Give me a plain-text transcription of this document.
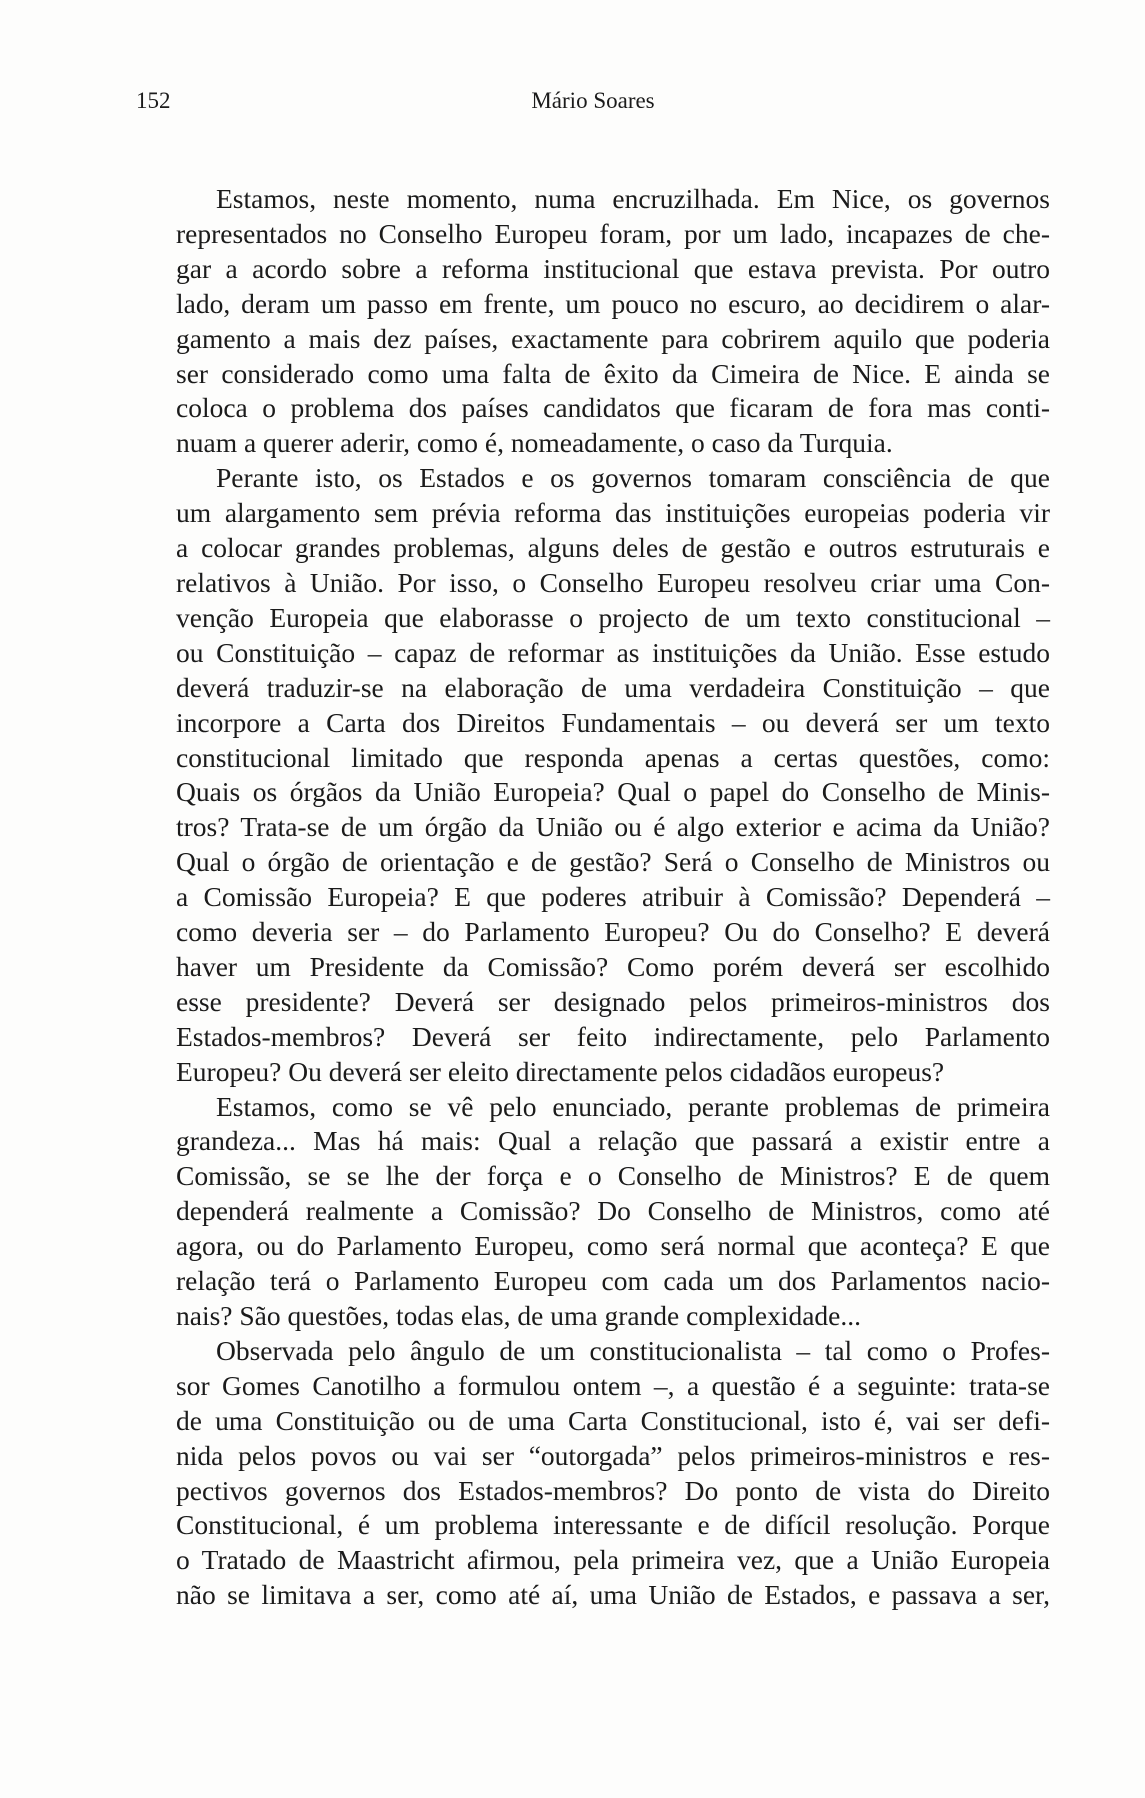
152	Mário Soares

Estamos, neste momento, numa encruzilhada. Em Nice, os governos
representados no Conselho Europeu foram, por um lado, incapazes de che-
gar a acordo sobre a reforma institucional que estava prevista. Por outro
lado, deram um passo em frente, um pouco no escuro, ao decidirem o alar-
gamento a mais dez países, exactamente para cobrirem aquilo que poderia
ser considerado como uma falta de êxito da Cimeira de Nice. E ainda se
coloca o problema dos países candidatos que ficaram de fora mas conti-
nuam a querer aderir, como é, nomeadamente, o caso da Turquia.

Perante isto, os Estados e os governos tomaram consciência de que
um alargamento sem prévia reforma das instituições europeias poderia vir
a colocar grandes problemas, alguns deles de gestão e outros estruturais e
relativos à União. Por isso, o Conselho Europeu resolveu criar uma Con-
venção Europeia que elaborasse o projecto de um texto constitucional –
ou Constituição – capaz de reformar as instituições da União. Esse estudo
deverá traduzir-se na elaboração de uma verdadeira Constituição – que
incorpore a Carta dos Direitos Fundamentais – ou deverá ser um texto
constitucional limitado que responda apenas a certas questões, como:
Quais os órgãos da União Europeia? Qual o papel do Conselho de Minis-
tros? Trata-se de um órgão da União ou é algo exterior e acima da União?
Qual o órgão de orientação e de gestão? Será o Conselho de Ministros ou
a Comissão Europeia? E que poderes atribuir à Comissão? Dependerá –
como deveria ser – do Parlamento Europeu? Ou do Conselho? E deverá
haver um Presidente da Comissão? Como porém deverá ser escolhido
esse presidente? Deverá ser designado pelos primeiros-ministros dos
Estados-membros? Deverá ser feito indirectamente, pelo Parlamento
Europeu? Ou deverá ser eleito directamente pelos cidadãos europeus?

Estamos, como se vê pelo enunciado, perante problemas de primeira
grandeza... Mas há mais: Qual a relação que passará a existir entre a
Comissão, se se lhe der força e o Conselho de Ministros? E de quem
dependerá realmente a Comissão? Do Conselho de Ministros, como até
agora, ou do Parlamento Europeu, como será normal que aconteça? E que
relação terá o Parlamento Europeu com cada um dos Parlamentos nacio-
nais? São questões, todas elas, de uma grande complexidade...

Observada pelo ângulo de um constitucionalista – tal como o Profes-
sor Gomes Canotilho a formulou ontem –, a questão é a seguinte: trata-se
de uma Constituição ou de uma Carta Constitucional, isto é, vai ser defi-
nida pelos povos ou vai ser “outorgada” pelos primeiros-ministros e res-
pectivos governos dos Estados-membros? Do ponto de vista do Direito
Constitucional, é um problema interessante e de difícil resolução. Porque
o Tratado de Maastricht afirmou, pela primeira vez, que a União Europeia
não se limitava a ser, como até aí, uma União de Estados, e passava a ser,
